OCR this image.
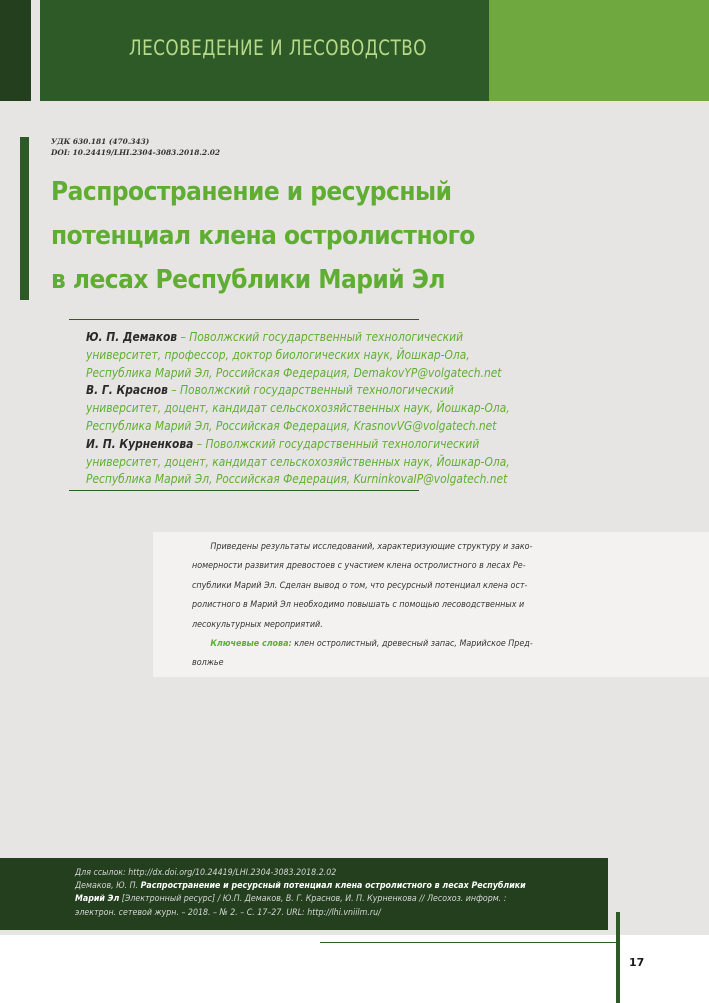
ЛЕСОВЕДЕНИЕ И ЛЕСОВОДСТВО
УДК 630.181 (470.343)
DOI: 10.24419/LHI.2304-3083.2018.2.02
Распространение и ресурсный
потенциал клена остролистного
в лесах Республики Марий Эл
Ю. П. Демаков – Поволжский государственный технологический
университет, профессор, доктор биологических наук, Йошкар-Ола,
Республика Марий Эл, Российская Федерация, DemakovYP@volgatech.net
В. Г. Краснов – Поволжский государственный технологический
университет, доцент, кандидат сельскохозяйственных наук, Йошкар-Ола,
Республика Марий Эл, Российская Федерация, KrasnovVG@volgatech.net
И. П. Курненкова – Поволжский государственный технологический
университет, доцент, кандидат сельскохозяйственных наук, Йошкар-Ола,
Республика Марий Эл, Российская Федерация, KurninkovaIP@volgatech.net
Приведены результаты исследований, характеризующие структуру и зако-
номерности развития древостоев с участием клена остролистного в лесах Ре-
спублики Марий Эл. Сделан вывод о том, что ресурсный потенциал клена ост-
ролистного в Марий Эл необходимо повышать с помощью лесоводственных и
лесокультурных мероприятий.
Ключевые слова: клен остролистный, древесный запас, Марийское Пред-
волжье
Для ссылок: http://dx.doi.org/10.24419/LHI.2304-3083.2018.2.02
Демаков, Ю. П. Распространение и ресурсный потенциал клена остролистного в лесах Республики
Марий Эл [Электронный ресурс] / Ю.П. Демаков, В. Г. Краснов, И. П. Курненкова // Лесохоз. информ. :
электрон. сетевой журн. – 2018. – № 2. – С. 17–27. URL: http://lhi.vniilm.ru/
17
